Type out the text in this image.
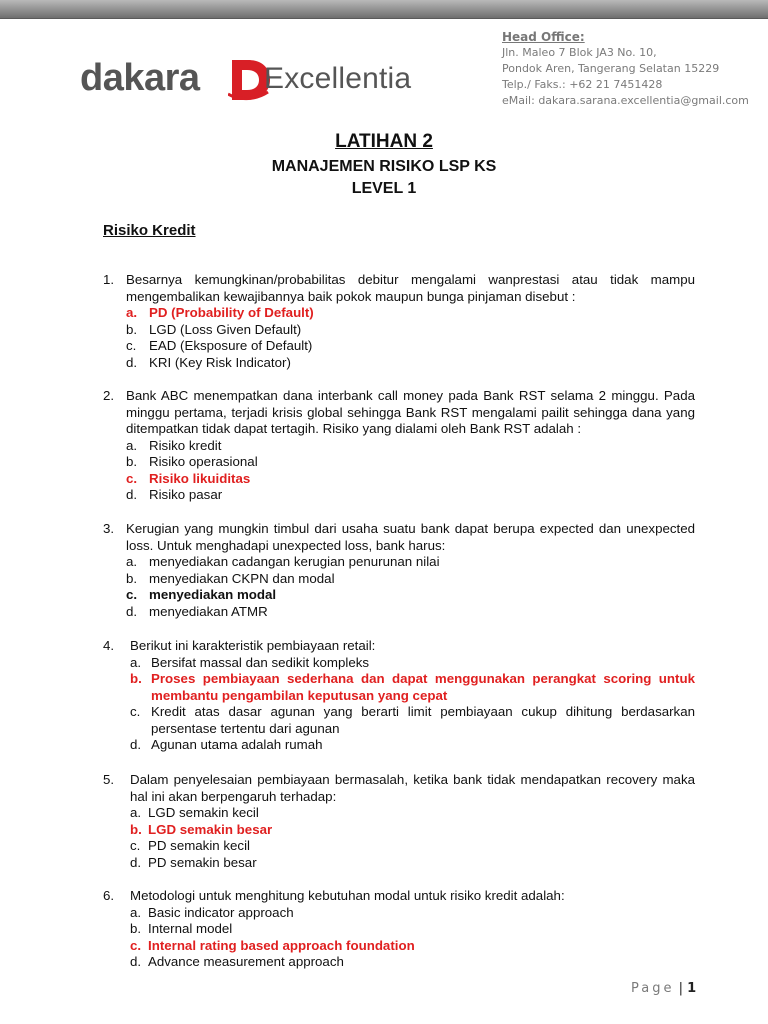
dakara Excellentia
Head Office:
Jln. Maleo 7 Blok JA3 No. 10,
Pondok Aren, Tangerang Selatan 15229
Telp./ Faks.: +62 21 7451428
eMail: dakara.sarana.excellentia@gmail.com
LATIHAN 2
MANAJEMEN RISIKO LSP KS
LEVEL 1
Risiko Kredit
1. Besarnya kemungkinan/probabilitas debitur mengalami wanprestasi atau tidak mampu mengembalikan kewajibannya baik pokok maupun bunga pinjaman disebut :
a. PD (Probability of Default)
b. LGD (Loss Given Default)
c. EAD (Eksposure of Default)
d. KRI (Key Risk Indicator)
2. Bank ABC menempatkan dana interbank call money pada Bank RST selama 2 minggu. Pada minggu pertama, terjadi krisis global sehingga Bank RST mengalami pailit sehingga dana yang ditempatkan tidak dapat tertagih. Risiko yang dialami oleh Bank RST adalah :
a. Risiko kredit
b. Risiko operasional
c. Risiko likuiditas
d. Risiko pasar
3. Kerugian yang mungkin timbul dari usaha suatu bank dapat berupa expected dan unexpected loss. Untuk menghadapi unexpected loss, bank harus:
a. menyediakan cadangan kerugian penurunan nilai
b. menyediakan CKPN dan modal
c. menyediakan modal
d. menyediakan ATMR
4. Berikut ini karakteristik pembiayaan retail:
a. Bersifat massal dan sedikit kompleks
b. Proses pembiayaan sederhana dan dapat menggunakan perangkat scoring untuk membantu pengambilan keputusan yang cepat
c. Kredit atas dasar agunan yang berarti limit pembiayaan cukup dihitung berdasarkan persentase tertentu dari agunan
d. Agunan utama adalah rumah
5. Dalam penyelesaian pembiayaan bermasalah, ketika bank tidak mendapatkan recovery maka hal ini akan berpengaruh terhadap:
a. LGD semakin kecil
b. LGD semakin besar
c. PD semakin kecil
d. PD semakin besar
6. Metodologi untuk menghitung kebutuhan modal untuk risiko kredit adalah:
a. Basic indicator approach
b. Internal model
c. Internal rating based approach foundation
d. Advance measurement approach
Page | 1
